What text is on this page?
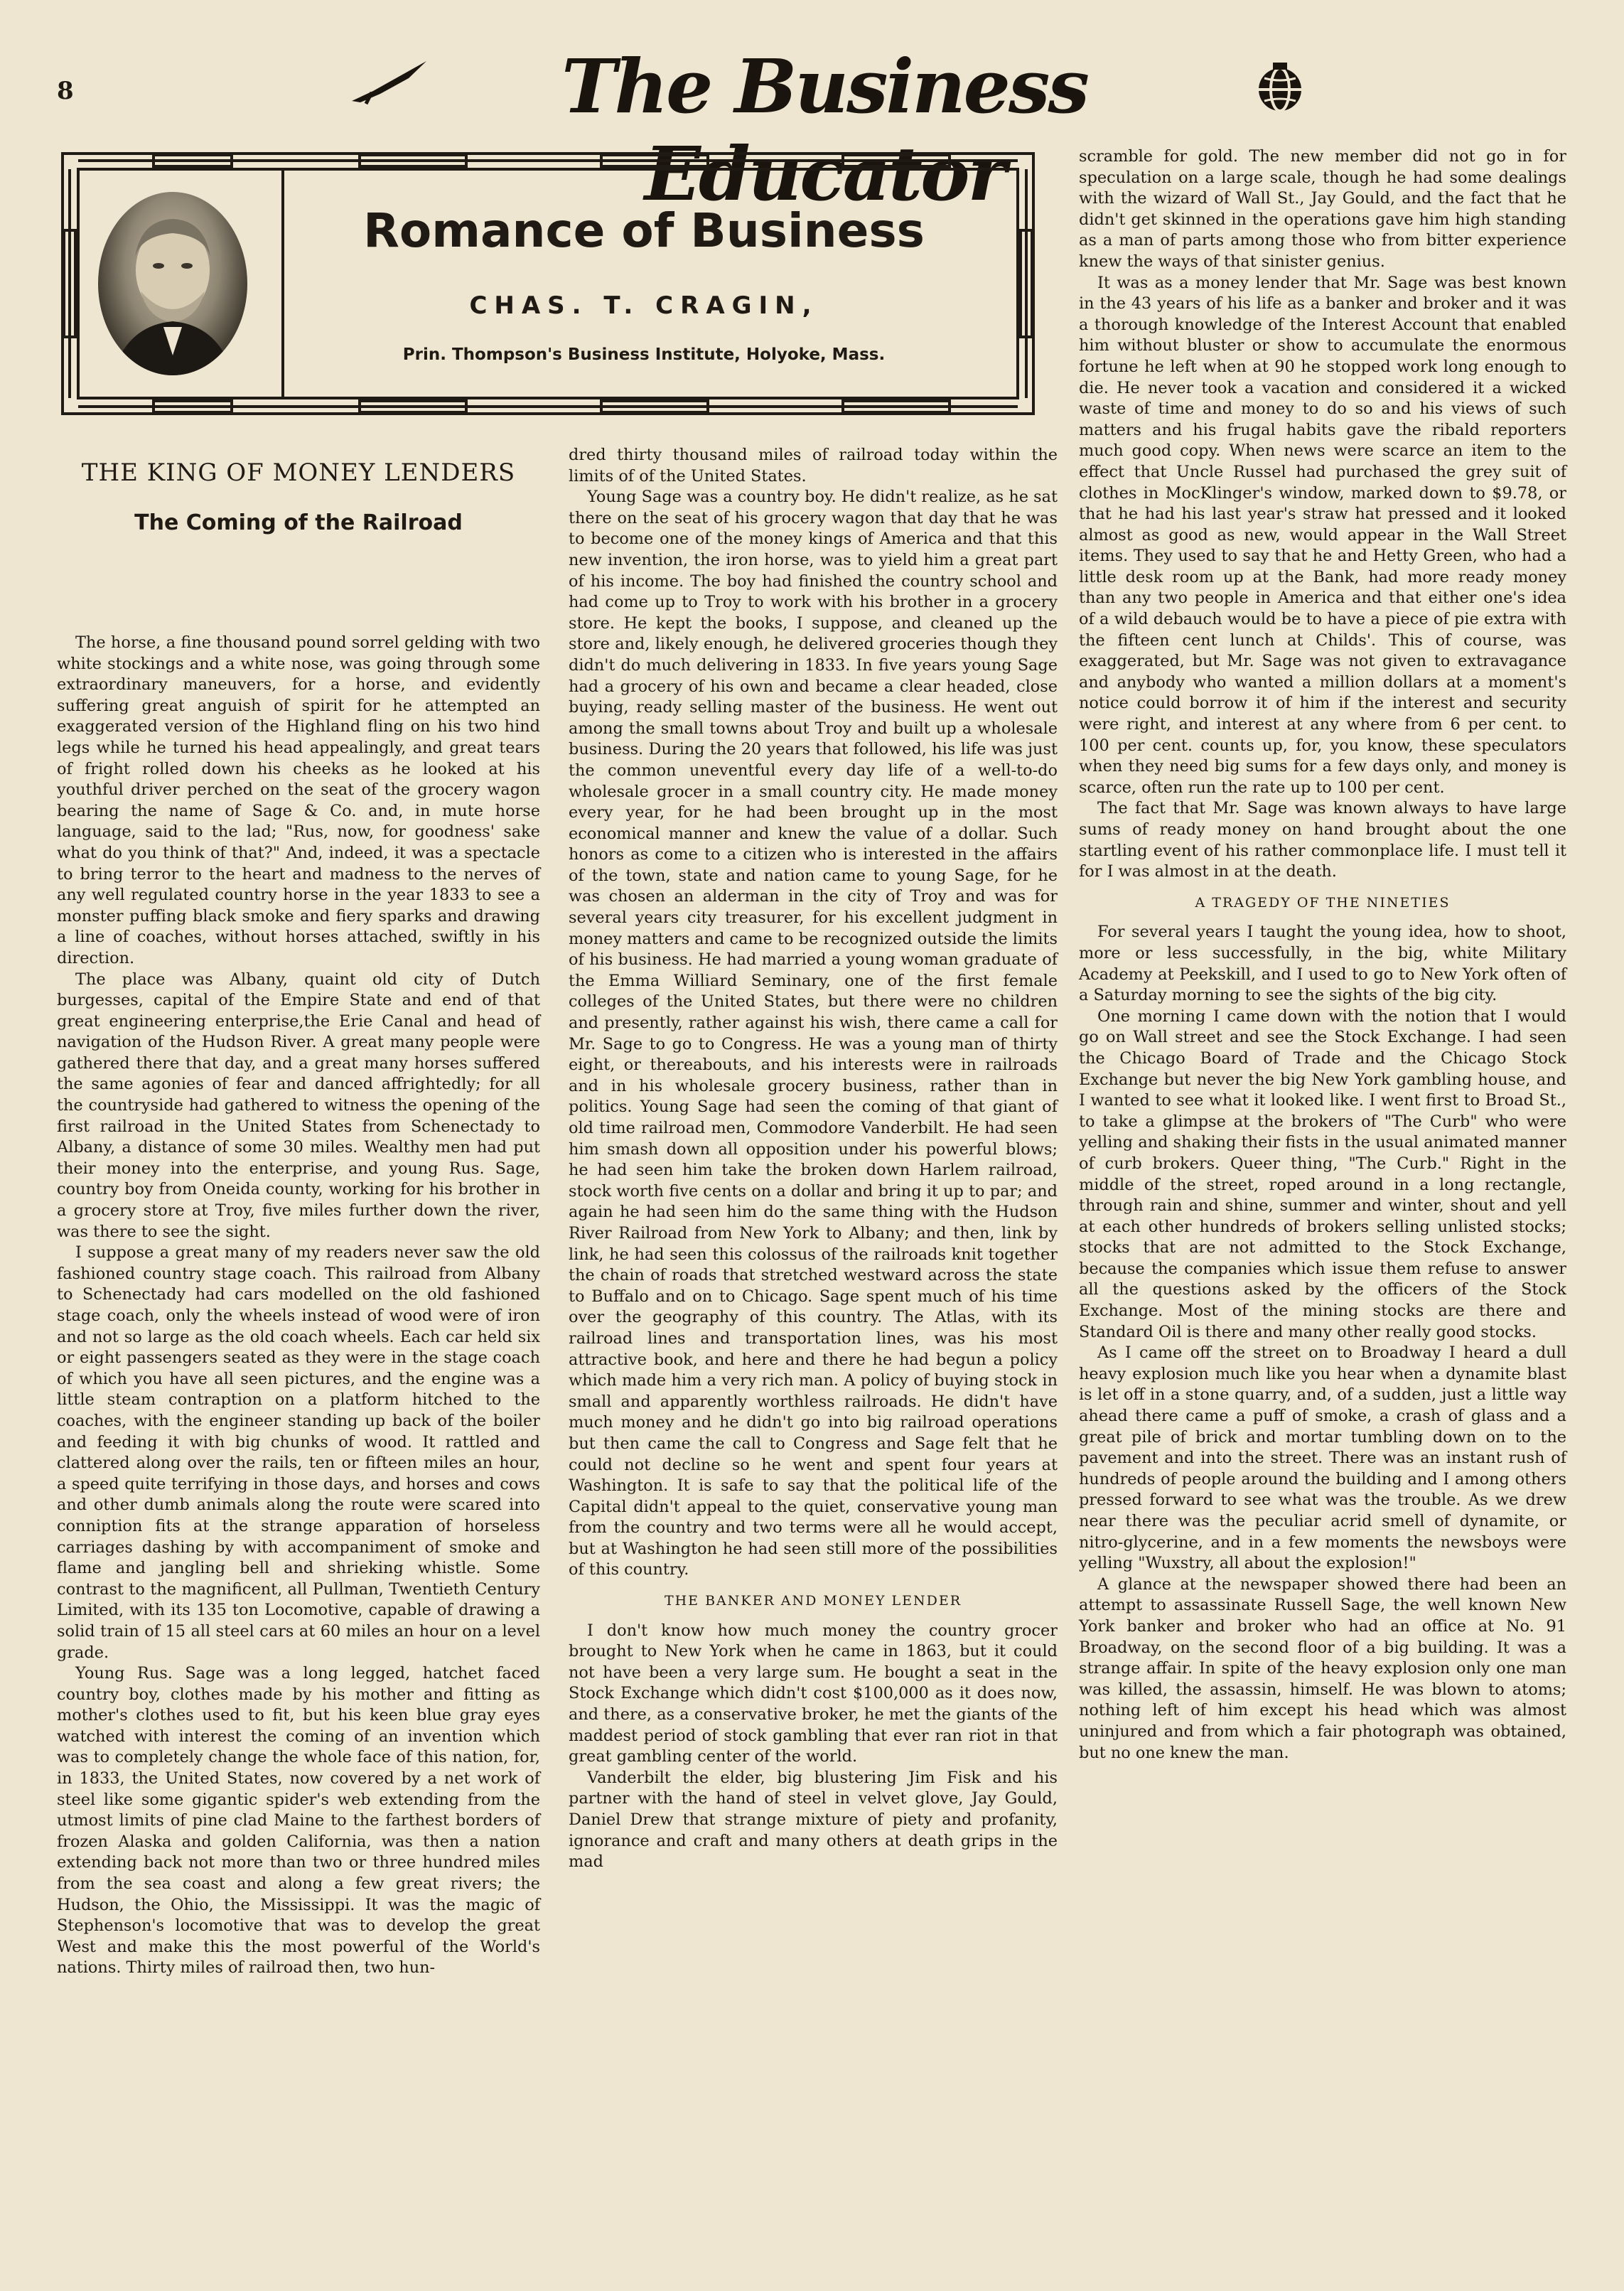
8	The Business Educator
Romance of Business
CHAS. T. CRAGIN,
Prin. Thompson's Business Institute, Holyoke, Mass.
THE KING OF MONEY LENDERS
The Coming of the Railroad

The horse, a fine thousand pound sorrel gelding with two white stockings and a white nose, was going through some extraordinary maneuvers, for a horse, and evidently suffering great anguish of spirit for he attempted an exaggerated version of the Highland fling on his two hind legs while he turned his head appealingly, and great tears of fright rolled down his cheeks as he looked at his youthful driver perched on the seat of the grocery wagon bearing the name of Sage & Co. and, in mute horse language, said to the lad; "Rus, now, for goodness' sake what do you think of that?" And, indeed, it was a spectacle to bring terror to the heart and madness to the nerves of any well regulated country horse in the year 1833 to see a monster puffing black smoke and fiery sparks and drawing a line of coaches, without horses attached, swiftly in his direction.

The place was Albany, quaint old city of Dutch burgesses, capital of the Empire State and end of that great engineering enterprise,the Erie Canal and head of navigation of the Hudson River. A great many people were gathered there that day, and a great many horses suffered the same agonies of fear and danced affrightedly; for all the countryside had gathered to witness the opening of the first railroad in the United States from Schenectady to Albany, a distance of some 30 miles. Wealthy men had put their money into the enterprise, and young Rus. Sage, country boy from Oneida county, working for his brother in a grocery store at Troy, five miles further down the river, was there to see the sight.

I suppose a great many of my readers never saw the old fashioned country stage coach. This railroad from Albany to Schenectady had cars modelled on the old fashioned stage coach, only the wheels instead of wood were of iron and not so large as the old coach wheels. Each car held six or eight passengers seated as they were in the stage coach of which you have all seen pictures, and the engine was a little steam contraption on a platform hitched to the coaches, with the engineer standing up back of the boiler and feeding it with big chunks of wood. It rattled and clattered along over the rails, ten or fifteen miles an hour, a speed quite terrifying in those days, and horses and cows and other dumb animals along the route were scared into conniption fits at the strange apparation of horseless carriages dashing by with accompaniment of smoke and flame and jangling bell and shrieking whistle. Some contrast to the magnificent, all Pullman, Twentieth Century Limited, with its 135 ton Locomotive, capable of drawing a solid train of 15 all steel cars at 60 miles an hour on a level grade.

Young Rus. Sage was a long legged, hatchet faced country boy, clothes made by his mother and fitting as mother's clothes used to fit, but his keen blue gray eyes watched with interest the coming of an invention which was to completely change the whole face of this nation, for, in 1833, the United States, now covered by a net work of steel like some gigantic spider's web extending from the utmost limits of pine clad Maine to the farthest borders of frozen Alaska and golden California, was then a nation extending back not more than two or three hundred miles from the sea coast and along a few great rivers; the Hudson, the Ohio, the Mississippi. It was the magic of Stephenson's locomotive that was to develop the great West and make this the most powerful of the World's nations. Thirty miles of railroad then, two hun-

dred thirty thousand miles of railroad today within the limits of of the United States.

Young Sage was a country boy. He didn't realize, as he sat there on the seat of his grocery wagon that day that he was to become one of the money kings of America and that this new invention, the iron horse, was to yield him a great part of his income. The boy had finished the country school and had come up to Troy to work with his brother in a grocery store. He kept the books, I suppose, and cleaned up the store and, likely enough, he delivered groceries though they didn't do much delivering in 1833. In five years young Sage had a grocery of his own and became a clear headed, close buying, ready selling master of the business. He went out among the small towns about Troy and built up a wholesale business. During the 20 years that followed, his life was just the common uneventful every day life of a well-to-do wholesale grocer in a small country city. He made money every year, for he had been brought up in the most economical manner and knew the value of a dollar. Such honors as come to a citizen who is interested in the affairs of the town, state and nation came to young Sage, for he was chosen an alderman in the city of Troy and was for several years city treasurer, for his excellent judgment in money matters and came to be recognized outside the limits of his business. He had married a young woman graduate of the Emma Williard Seminary, one of the first female colleges of the United States, but there were no children and presently, rather against his wish, there came a call for Mr. Sage to go to Congress. He was a young man of thirty eight, or thereabouts, and his interests were in railroads and in his wholesale grocery business, rather than in politics. Young Sage had seen the coming of that giant of old time railroad men, Commodore Vanderbilt. He had seen him smash down all opposition under his powerful blows; he had seen him take the broken down Harlem railroad, stock worth five cents on a dollar and bring it up to par; and again he had seen him do the same thing with the Hudson River Railroad from New York to Albany; and then, link by link, he had seen this colossus of the railroads knit together the chain of roads that stretched westward across the state to Buffalo and on to Chicago. Sage spent much of his time over the geography of this country. The Atlas, with its railroad lines and transportation lines, was his most attractive book, and here and there he had begun a policy which made him a very rich man. A policy of buying stock in small and apparently worthless railroads. He didn't have much money and he didn't go into big railroad operations but then came the call to Congress and Sage felt that he could not decline so he went and spent four years at Washington. It is safe to say that the political life of the Capital didn't appeal to the quiet, conservative young man from the country and two terms were all he would accept, but at Washington he had seen still more of the possibilities of this country.

THE BANKER AND MONEY LENDER

I don't know how much money the country grocer brought to New York when he came in 1863, but it could not have been a very large sum. He bought a seat in the Stock Exchange which didn't cost $100,000 as it does now, and there, as a conservative broker, he met the giants of the maddest period of stock gambling that ever ran riot in that great gambling center of the world.

Vanderbilt the elder, big blustering Jim Fisk and his partner with the hand of steel in velvet glove, Jay Gould, Daniel Drew that strange mixture of piety and profanity, ignorance and craft and many others at death grips in the mad

scramble for gold. The new member did not go in for speculation on a large scale, though he had some dealings with the wizard of Wall St., Jay Gould, and the fact that he didn't get skinned in the operations gave him high standing as a man of parts among those who from bitter experience knew the ways of that sinister genius.

It was as a money lender that Mr. Sage was best known in the 43 years of his life as a banker and broker and it was a thorough knowledge of the Interest Account that enabled him without bluster or show to accumulate the enormous fortune he left when at 90 he stopped work long enough to die. He never took a vacation and considered it a wicked waste of time and money to do so and his views of such matters and his frugal habits gave the ribald reporters much good copy. When news were scarce an item to the effect that Uncle Russel had purchased the grey suit of clothes in MocKlinger's window, marked down to $9.78, or that he had his last year's straw hat pressed and it looked almost as good as new, would appear in the Wall Street items. They used to say that he and Hetty Green, who had a little desk room up at the Bank, had more ready money than any two people in America and that either one's idea of a wild debauch would be to have a piece of pie extra with the fifteen cent lunch at Childs'. This of course, was exaggerated, but Mr. Sage was not given to extravagance and anybody who wanted a million dollars at a moment's notice could borrow it of him if the interest and security were right, and interest at any where from 6 per cent. to 100 per cent. counts up, for, you know, these speculators when they need big sums for a few days only, and money is scarce, often run the rate up to 100 per cent.

The fact that Mr. Sage was known always to have large sums of ready money on hand brought about the one startling event of his rather commonplace life. I must tell it for I was almost in at the death.

A TRAGEDY OF THE NINETIES

For several years I taught the young idea, how to shoot, more or less successfully, in the big, white Military Academy at Peekskill, and I used to go to New York often of a Saturday morning to see the sights of the big city.

One morning I came down with the notion that I would go on Wall street and see the Stock Exchange. I had seen the Chicago Board of Trade and the Chicago Stock Exchange but never the big New York gambling house, and I wanted to see what it looked like. I went first to Broad St., to take a glimpse at the brokers of "The Curb" who were yelling and shaking their fists in the usual animated manner of curb brokers. Queer thing, "The Curb." Right in the middle of the street, roped around in a long rectangle, through rain and shine, summer and winter, shout and yell at each other hundreds of brokers selling unlisted stocks; stocks that are not admitted to the Stock Exchange, because the companies which issue them refuse to answer all the questions asked by the officers of the Stock Exchange. Most of the mining stocks are there and Standard Oil is there and many other really good stocks.

As I came off the street on to Broadway I heard a dull heavy explosion much like you hear when a dynamite blast is let off in a stone quarry, and, of a sudden, just a little way ahead there came a puff of smoke, a crash of glass and a great pile of brick and mortar tumbling down on to the pavement and into the street. There was an instant rush of hundreds of people around the building and I among others pressed forward to see what was the trouble. As we drew near there was the peculiar acrid smell of dynamite, or nitro-glycerine, and in a few moments the newsboys were yelling "Wuxstry, all about the explosion!"

A glance at the newspaper showed there had been an attempt to assassinate Russell Sage, the well known New York banker and broker who had an office at No. 91 Broadway, on the second floor of a big building. It was a strange affair. In spite of the heavy explosion only one man was killed, the assassin, himself. He was blown to atoms; nothing left of him except his head which was almost uninjured and from which a fair photograph was obtained, but no one knew the man.
